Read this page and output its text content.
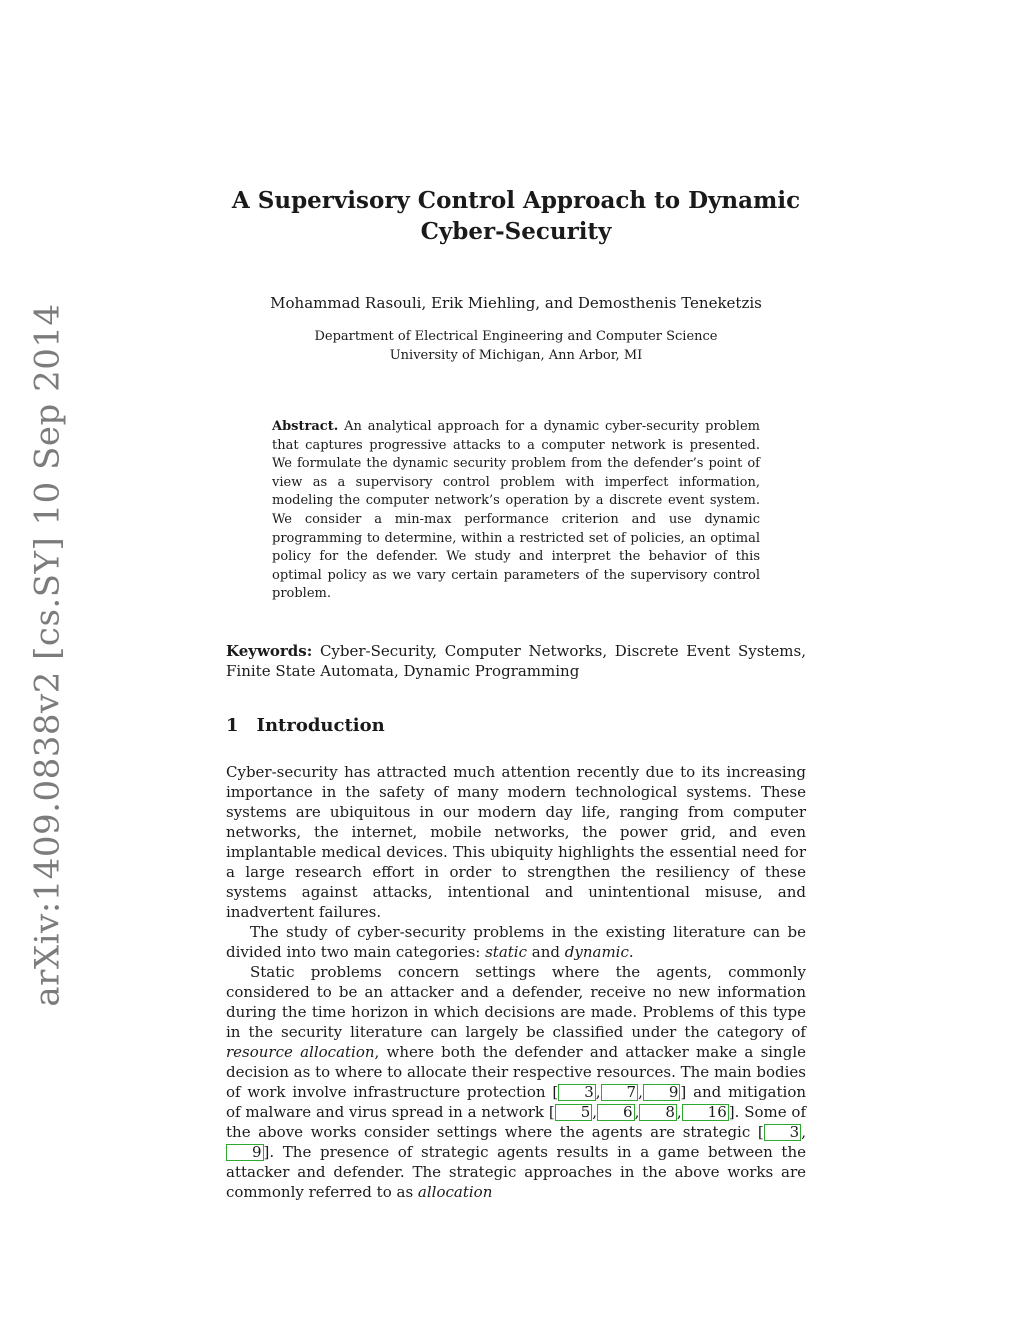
arXiv:1409.0838v2 [cs.SY] 10 Sep 2014
A Supervisory Control Approach to Dynamic Cyber-Security
Mohammad Rasouli, Erik Miehling, and Demosthenis Teneketzis
Department of Electrical Engineering and Computer Science
University of Michigan, Ann Arbor, MI
Abstract. An analytical approach for a dynamic cyber-security problem that captures progressive attacks to a computer network is presented. We formulate the dynamic security problem from the defender’s point of view as a supervisory control problem with imperfect information, modeling the computer network’s operation by a discrete event system. We consider a min-max performance criterion and use dynamic programming to determine, within a restricted set of policies, an optimal policy for the defender. We study and interpret the behavior of this optimal policy as we vary certain parameters of the supervisory control problem.
Keywords: Cyber-Security, Computer Networks, Discrete Event Systems, Finite State Automata, Dynamic Programming
1 Introduction

Cyber-security has attracted much attention recently due to its increasing importance in the safety of many modern technological systems. These systems are ubiquitous in our modern day life, ranging from computer networks, the internet, mobile networks, the power grid, and even implantable medical devices. This ubiquity highlights the essential need for a large research effort in order to strengthen the resiliency of these systems against attacks, intentional and unintentional misuse, and inadvertent failures.

The study of cyber-security problems in the existing literature can be divided into two main categories: static and dynamic.

Static problems concern settings where the agents, commonly considered to be an attacker and a defender, receive no new information during the time horizon in which decisions are made. Problems of this type in the security literature can largely be classified under the category of resource allocation, where both the defender and attacker make a single decision as to where to allocate their respective resources. The main bodies of work involve infrastructure protection [ 3 , 7 , 9 ] and mitigation of malware and virus spread in a network [ 5 , 6 , 8 , 16 ]. Some of the above works consider settings where the agents are strategic [ 3 ,9 ]. The presence of strategic agents results in a game between the attacker and defender. The strategic approaches in the above works are commonly referred to as allocation
